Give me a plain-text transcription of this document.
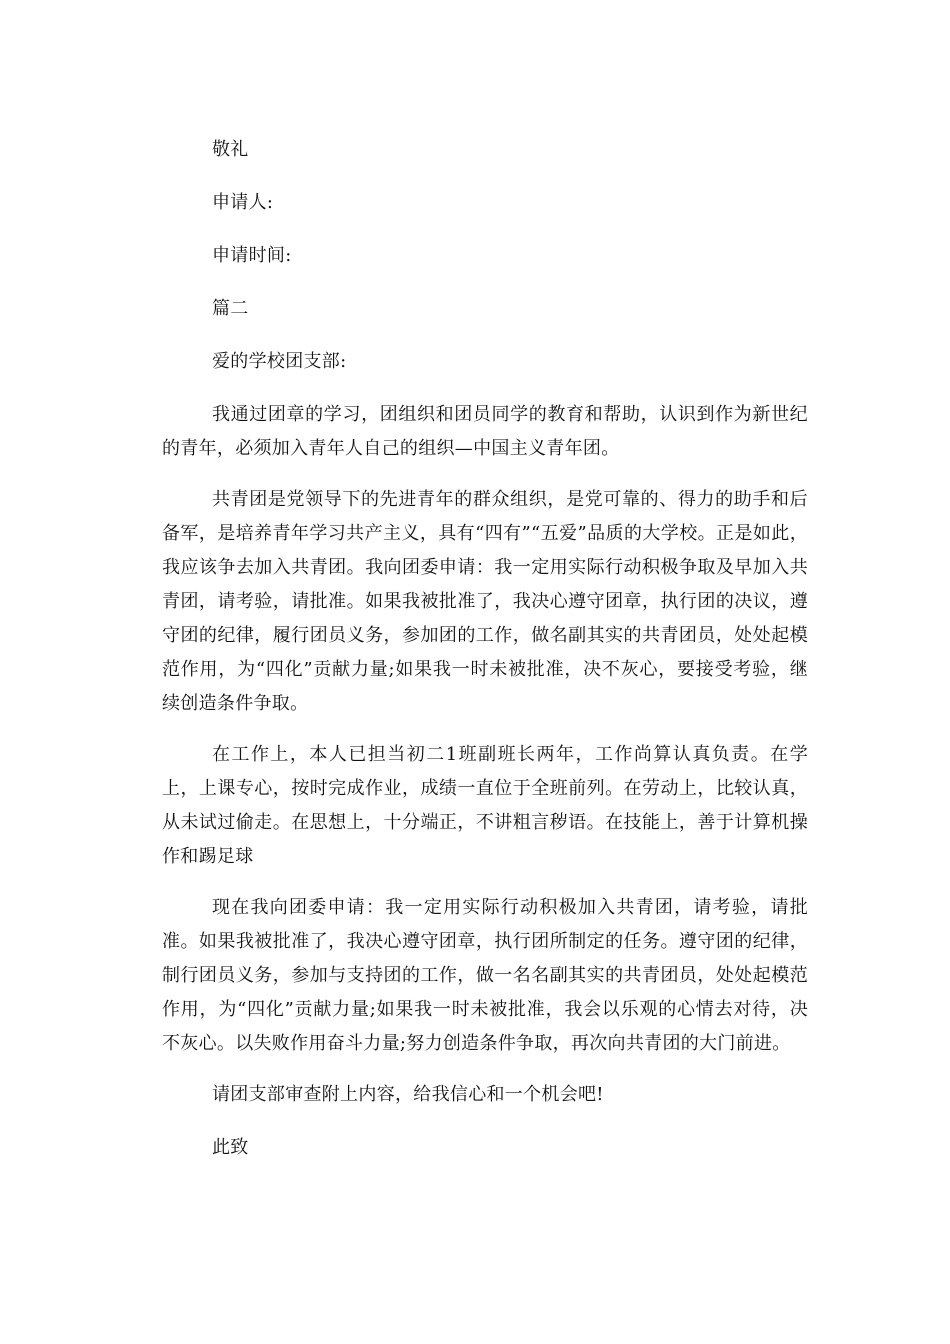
敬礼

申请人:

申请时间:

篇二

爱的学校团支部:

我通过团章的学习，团组织和团员同学的教育和帮助，认识到作为新世纪的青年，必须加入青年人自己的组织—中国主义青年团。

共青团是党领导下的先进青年的群众组织，是党可靠的、得力的助手和后备军，是培养青年学习共产主义，具有“四有”“五爱”品质的大学校。正是如此，我应该争去加入共青团。我向团委申请：我一定用实际行动积极争取及早加入共青团，请考验，请批准。如果我被批准了，我决心遵守团章，执行团的决议，遵守团的纪律，履行团员义务，参加团的工作，做名副其实的共青团员，处处起模范作用，为“四化”贡献力量;如果我一时未被批准，决不灰心，要接受考验，继续创造条件争取。

在工作上，本人已担当初二1班副班长两年，工作尚算认真负责。在学上，上课专心，按时完成作业，成绩一直位于全班前列。在劳动上，比较认真，从未试过偷走。在思想上，十分端正，不讲粗言秽语。在技能上，善于计算机操作和踢足球

现在我向团委申请：我一定用实际行动积极加入共青团，请考验，请批准。如果我被批准了，我决心遵守团章，执行团所制定的任务。遵守团的纪律，制行团员义务，参加与支持团的工作，做一名名副其实的共青团员，处处起模范作用，为“四化”贡献力量;如果我一时未被批准，我会以乐观的心情去对待，决不灰心。以失败作用奋斗力量;努力创造条件争取，再次向共青团的大门前进。

请团支部审查附上内容，给我信心和一个机会吧!

此致
